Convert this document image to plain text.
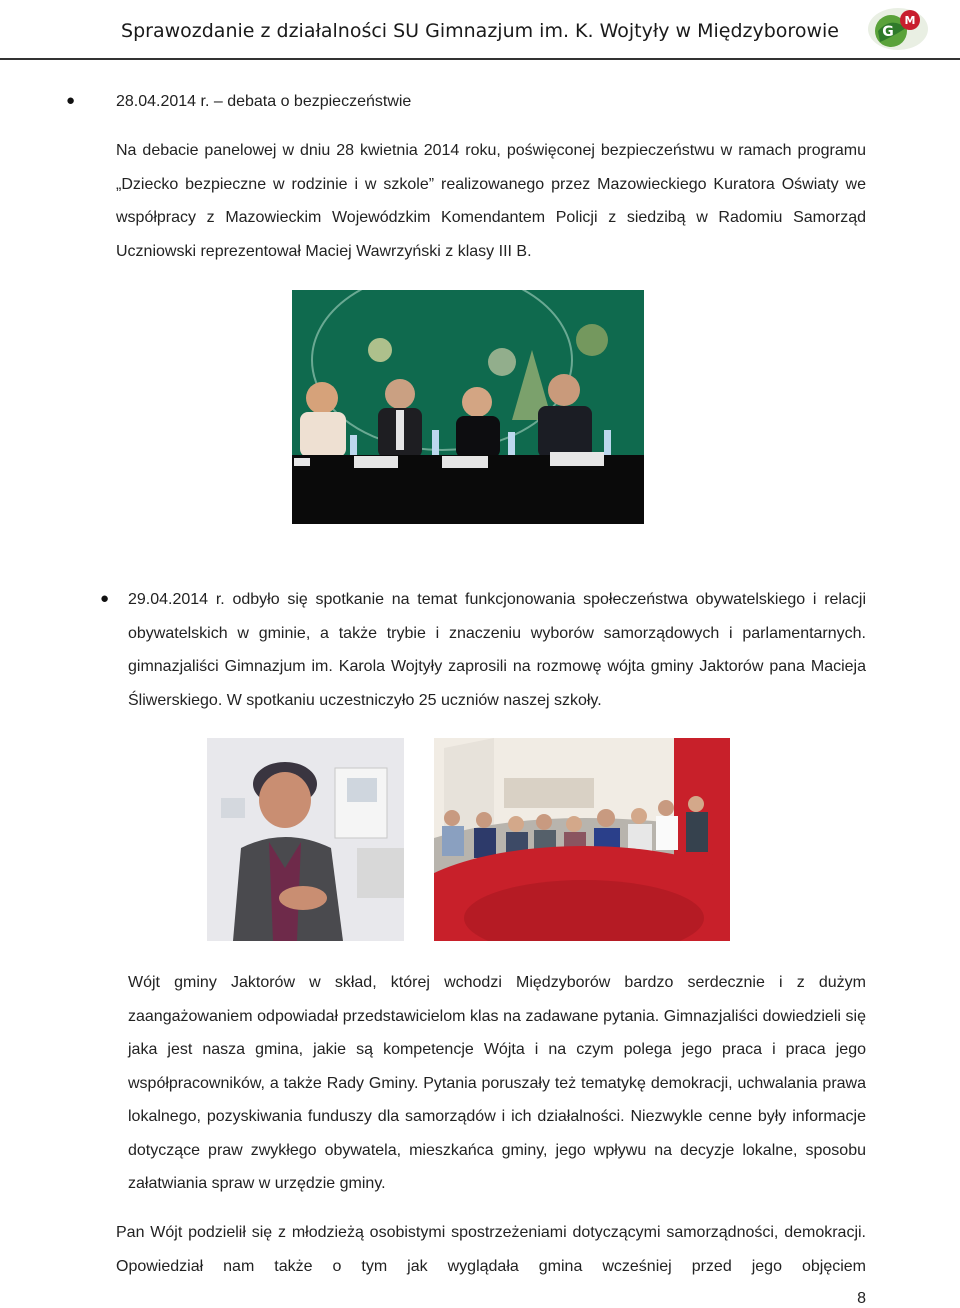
Sprawozdanie z działalności SU Gimnazjum im. K. Wojtyły w Międzyborowie	M
G
●	28.04.2014 r. – debata o bezpieczeństwie
Na debacie panelowej w dniu 28 kwietnia 2014 roku, poświęconej bezpieczeństwu w ramach programu „Dziecko bezpieczne w rodzinie i w szkole” realizowanego przez Mazowieckiego Kuratora Oświaty we współpracy z Mazowieckim Wojewódzkim Komendantem Policji z siedzibą w Radomiu Samorząd Uczniowski reprezentował Maciej Wawrzyński z klasy III B.
● 29.04.2014 r. odbyło się spotkanie na temat funkcjonowania społeczeństwa obywatelskiego i relacji obywatelskich w gminie, a także trybie i znaczeniu wyborów samorządowych i parlamentarnych. gimnazjaliści Gimnazjum im. Karola Wojtyły zaprosili na rozmowę wójta gminy Jaktorów pana Macieja Śliwerskiego. W spotkaniu uczestniczyło 25 uczniów naszej szkoły.
Wójt gminy Jaktorów w skład, której wchodzi Międzyborów bardzo serdecznie i z dużym zaangażowaniem odpowiadał przedstawicielom klas na zadawane pytania. Gimnazjaliści dowiedzieli się jaka jest nasza gmina, jakie są kompetencje Wójta i na czym polega jego praca i praca jego współpracowników, a także Rady Gminy. Pytania poruszały też tematykę demokracji, uchwalania prawa lokalnego, pozyskiwania funduszy dla samorządów i ich działalności. Niezwykle cenne były informacje dotyczące praw zwykłego obywatela, mieszkańca gminy, jego wpływu na decyzje lokalne, sposobu załatwiania spraw w urzędzie gminy.
Pan Wójt podzielił się z młodzieżą osobistymi spostrzeżeniami dotyczącymi samorządności, demokracji. Opowiedział nam także o tym jak wyglądała gmina wcześniej przed jego objęciem
8
